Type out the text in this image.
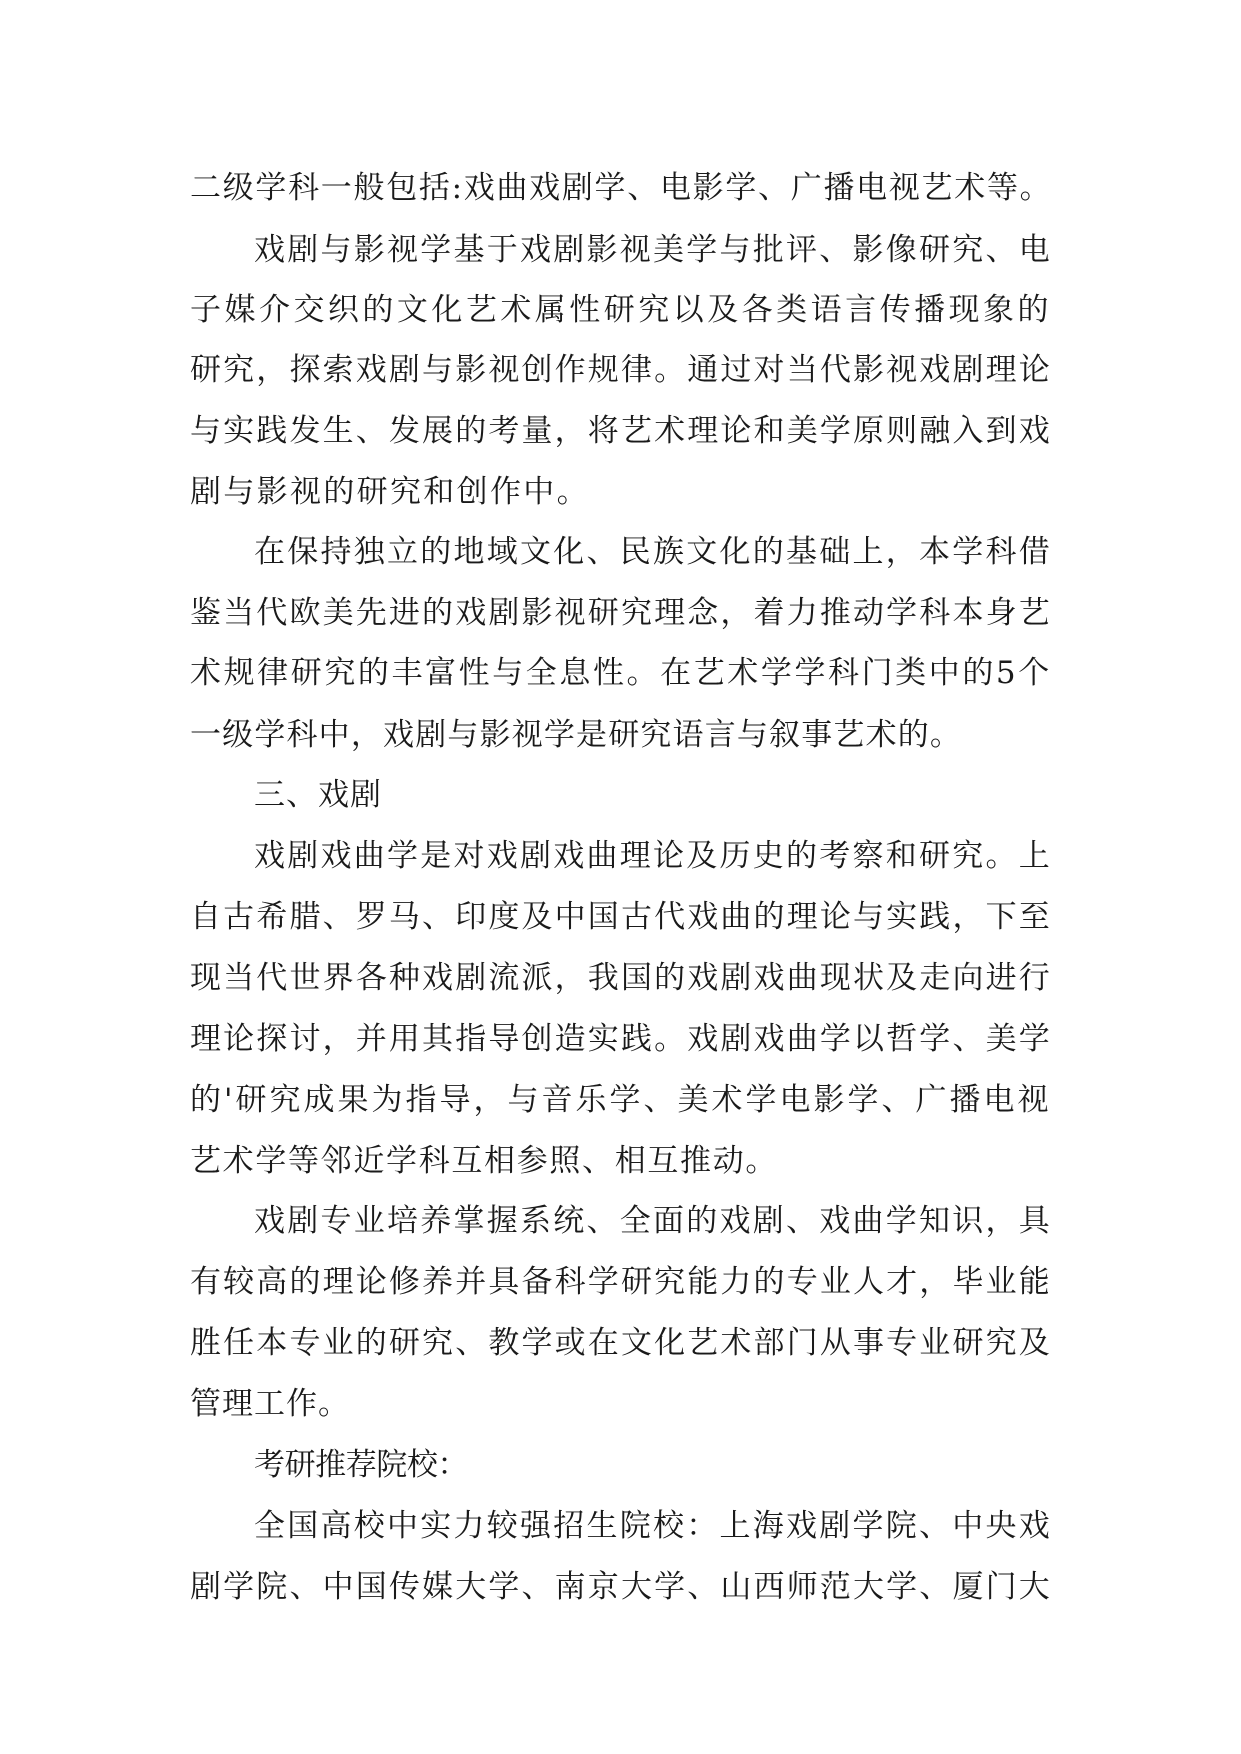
二级学科一般包括:戏曲戏剧学、电影学、广播电视艺术等。
戏剧与影视学基于戏剧影视美学与批评、影像研究、电
子媒介交织的文化艺术属性研究以及各类语言传播现象的
研究，探索戏剧与影视创作规律。通过对当代影视戏剧理论
与实践发生、发展的考量，将艺术理论和美学原则融入到戏
剧与影视的研究和创作中。
在保持独立的地域文化、民族文化的基础上，本学科借
鉴当代欧美先进的戏剧影视研究理念，着力推动学科本身艺
术规律研究的丰富性与全息性。在艺术学学科门类中的5个
一级学科中，戏剧与影视学是研究语言与叙事艺术的。
三、戏剧
戏剧戏曲学是对戏剧戏曲理论及历史的考察和研究。上
自古希腊、罗马、印度及中国古代戏曲的理论与实践，下至
现当代世界各种戏剧流派，我国的戏剧戏曲现状及走向进行
理论探讨，并用其指导创造实践。戏剧戏曲学以哲学、美学
的'研究成果为指导，与音乐学、美术学电影学、广播电视
艺术学等邻近学科互相参照、相互推动。
戏剧专业培养掌握系统、全面的戏剧、戏曲学知识，具
有较高的理论修养并具备科学研究能力的专业人才，毕业能
胜任本专业的研究、教学或在文化艺术部门从事专业研究及
管理工作。
考研推荐院校：
全国高校中实力较强招生院校：上海戏剧学院、中央戏
剧学院、中国传媒大学、南京大学、山西师范大学、厦门大
